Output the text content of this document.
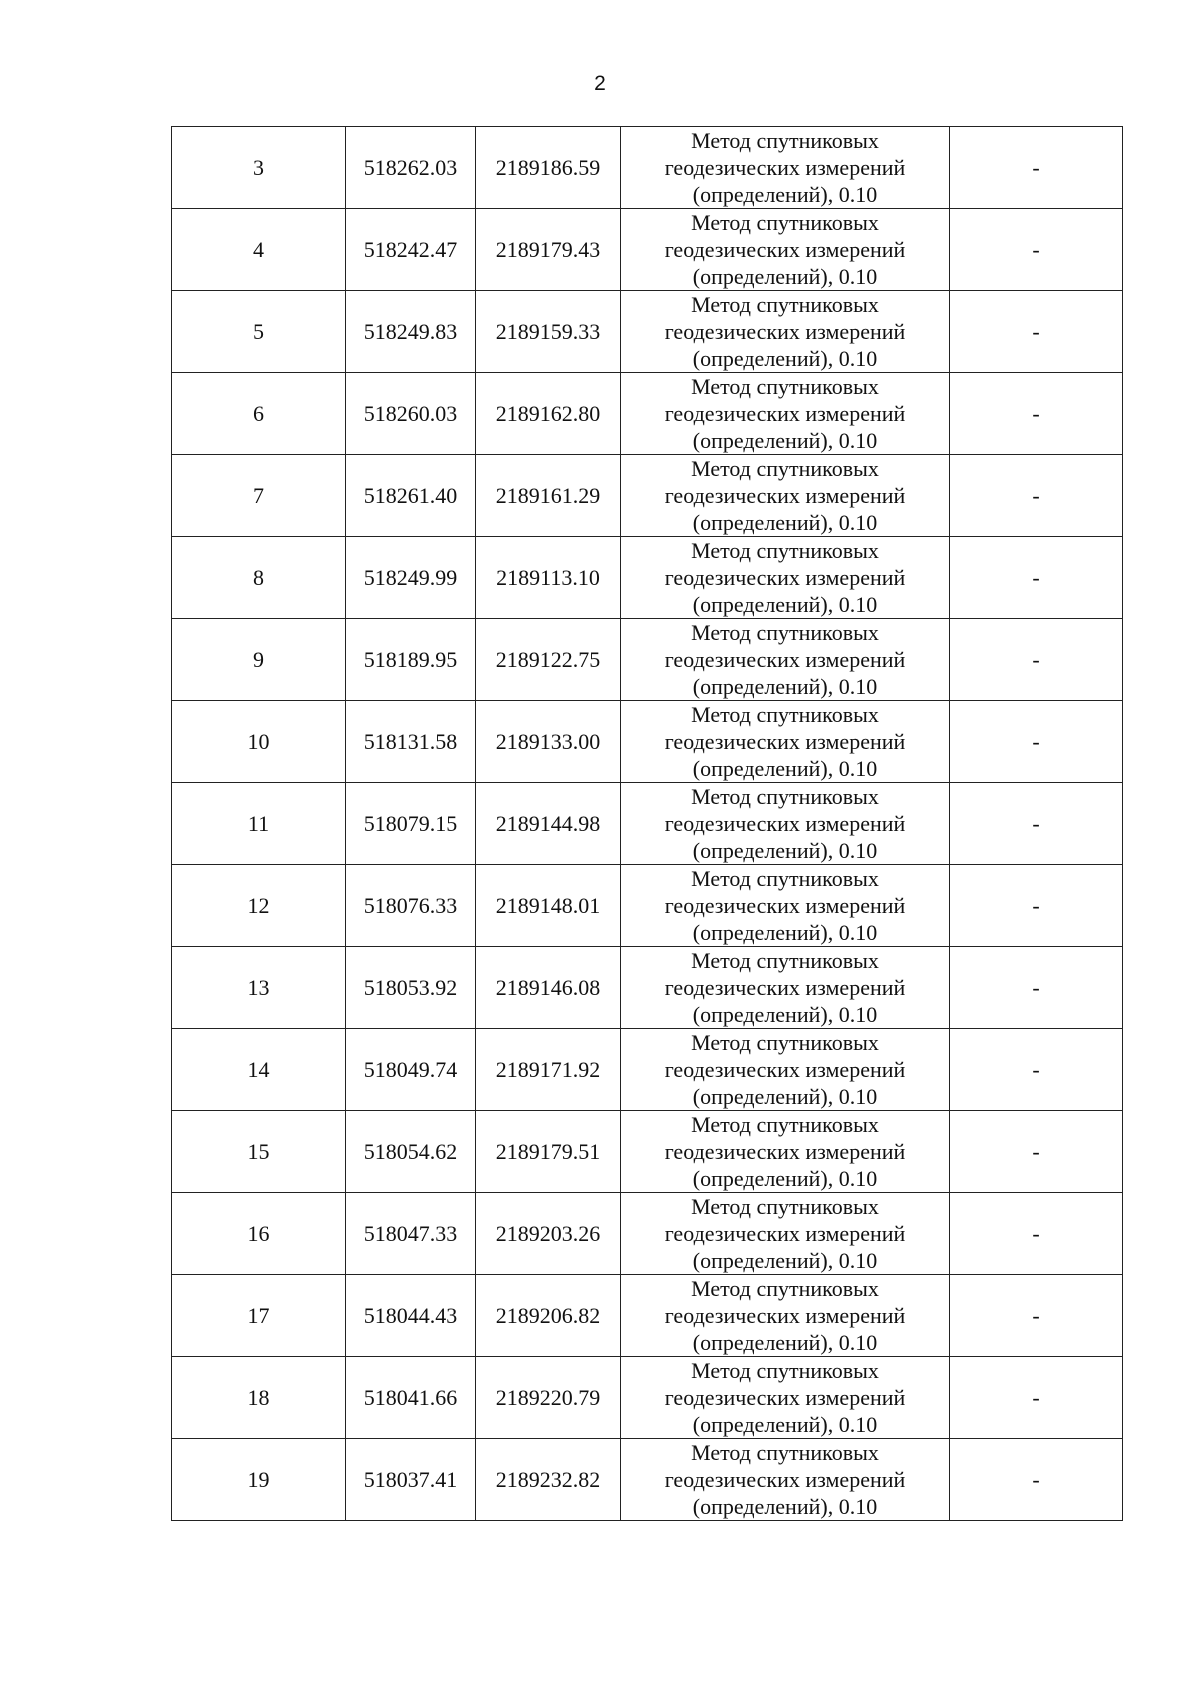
2
3	518262.03	2189186.59	Метод спутниковых
геодезических измерений
(определений), 0.10	-
4	518242.47	2189179.43	Метод спутниковых
геодезических измерений
(определений), 0.10	-
5	518249.83	2189159.33	Метод спутниковых
геодезических измерений
(определений), 0.10	-
6	518260.03	2189162.80	Метод спутниковых
геодезических измерений
(определений), 0.10	-
7	518261.40	2189161.29	Метод спутниковых
геодезических измерений
(определений), 0.10	-
8	518249.99	2189113.10	Метод спутниковых
геодезических измерений
(определений), 0.10	-
9	518189.95	2189122.75	Метод спутниковых
геодезических измерений
(определений), 0.10	-
10	518131.58	2189133.00	Метод спутниковых
геодезических измерений
(определений), 0.10	-
11	518079.15	2189144.98	Метод спутниковых
геодезических измерений
(определений), 0.10	-
12	518076.33	2189148.01	Метод спутниковых
геодезических измерений
(определений), 0.10	-
13	518053.92	2189146.08	Метод спутниковых
геодезических измерений
(определений), 0.10	-
14	518049.74	2189171.92	Метод спутниковых
геодезических измерений
(определений), 0.10	-
15	518054.62	2189179.51	Метод спутниковых
геодезических измерений
(определений), 0.10	-
16	518047.33	2189203.26	Метод спутниковых
геодезических измерений
(определений), 0.10	-
17	518044.43	2189206.82	Метод спутниковых
геодезических измерений
(определений), 0.10	-
18	518041.66	2189220.79	Метод спутниковых
геодезических измерений
(определений), 0.10	-
19	518037.41	2189232.82	Метод спутниковых
геодезических измерений
(определений), 0.10	-
